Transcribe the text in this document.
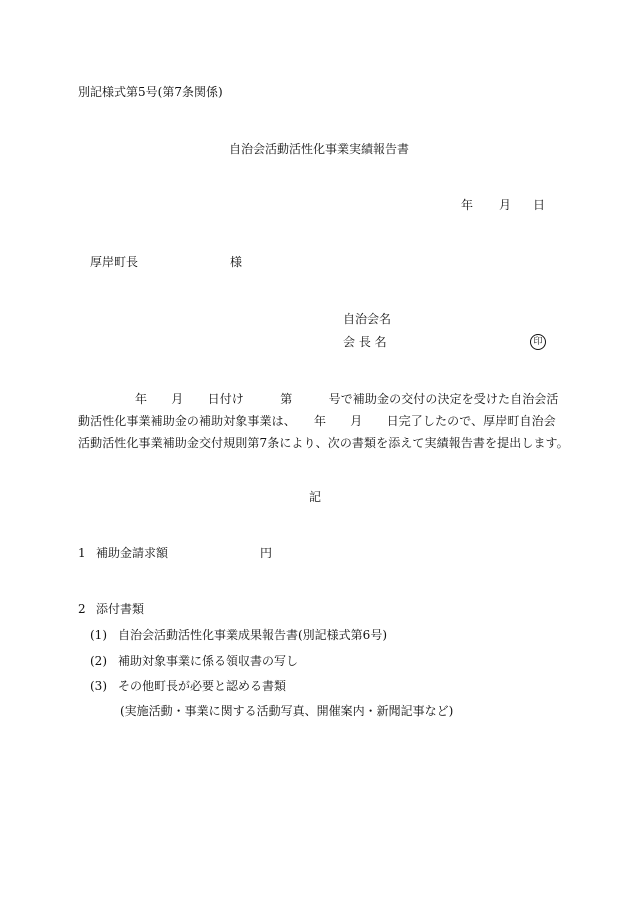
別記様式第5号(第7条関係)
自治会活動活性化事業実績報告書
年 月 日
厚岸町長	様
自治会名
会 長 名	印
年　　月　　日付け　　　第　　　号で補助金の交付の決定を受けた自治会活
動活性化事業補助金の補助対象事業は、　　年　　月　　日完了したので、厚岸町自治会
活動活性化事業補助金交付規則第7条により、次の書類を添えて実績報告書を提出します。
記
1 補助金請求額	円
2 添付書類
(1) 自治会活動活性化事業成果報告書(別記様式第6号)
(2) 補助対象事業に係る領収書の写し
(3) その他町長が必要と認める書類
(実施活動・事業に関する活動写真、開催案内・新聞記事など)
